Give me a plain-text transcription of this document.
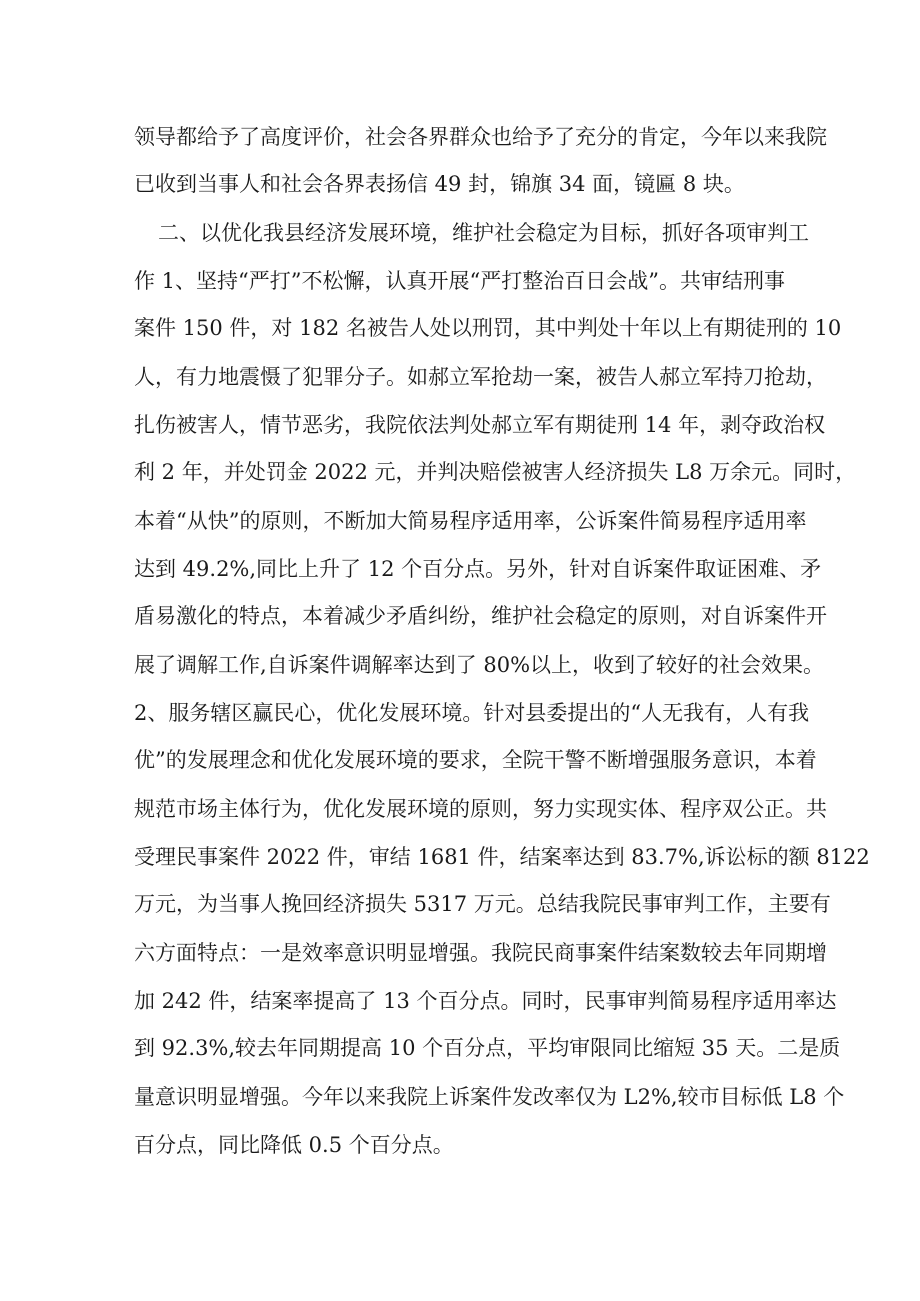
领导都给予了高度评价，社会各界群众也给予了充分的肯定，今年以来我院
已收到当事人和社会各界表扬信 49 封，锦旗 34 面，镜匾 8 块。
二、以优化我县经济发展环境，维护社会稳定为目标，抓好各项审判工
作 1、坚持“严打”不松懈，认真开展“严打整治百日会战”。共审结刑事
案件 150 件，对 182 名被告人处以刑罚，其中判处十年以上有期徒刑的 10
人，有力地震慑了犯罪分子。如郝立军抢劫一案，被告人郝立军持刀抢劫，
扎伤被害人，情节恶劣，我院依法判处郝立军有期徒刑 14 年，剥夺政治权
利 2 年，并处罚金 2022 元，并判决赔偿被害人经济损失 L8 万余元。同时，
本着“从快”的原则，不断加大简易程序适用率，公诉案件简易程序适用率
达到 49.2%,同比上升了 12 个百分点。另外，针对自诉案件取证困难、矛
盾易激化的特点，本着减少矛盾纠纷，维护社会稳定的原则，对自诉案件开
展了调解工作,自诉案件调解率达到了 80%以上，收到了较好的社会效果。
2、服务辖区赢民心，优化发展环境。针对县委提出的“人无我有，人有我
优”的发展理念和优化发展环境的要求，全院干警不断增强服务意识，本着
规范市场主体行为，优化发展环境的原则，努力实现实体、程序双公正。共
受理民事案件 2022 件，审结 1681 件，结案率达到 83.7%,诉讼标的额 8122
万元，为当事人挽回经济损失 5317 万元。总结我院民事审判工作，主要有
六方面特点：一是效率意识明显增强。我院民商事案件结案数较去年同期增
加 242 件，结案率提高了 13 个百分点。同时，民事审判简易程序适用率达
到 92.3%,较去年同期提高 10 个百分点，平均审限同比缩短 35 天。二是质
量意识明显增强。今年以来我院上诉案件发改率仅为 L2%,较市目标低 L8 个
百分点，同比降低 0.5 个百分点。
